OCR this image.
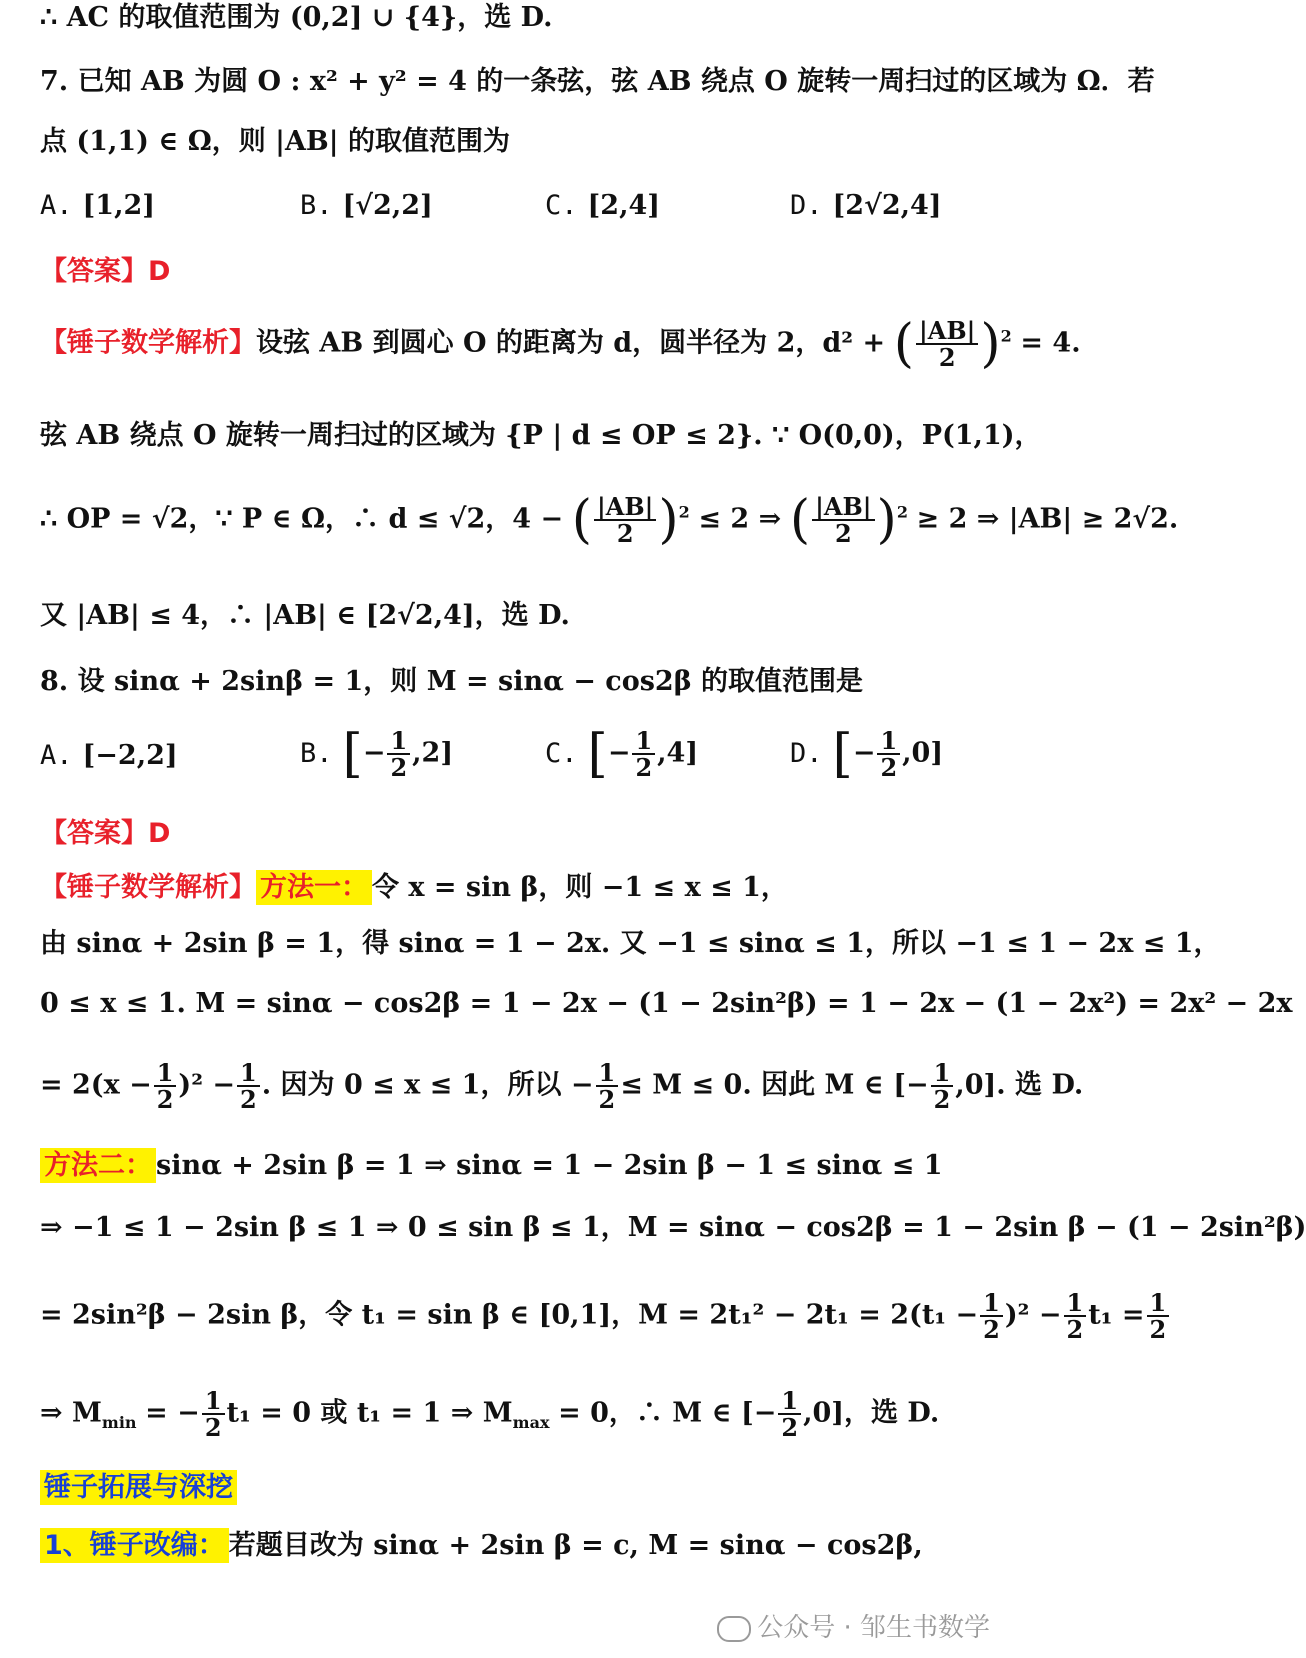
∴ AC 的取值范围为 (0,2] ∪ {4}，选 D.
7. 已知 AB 为圆 O : x² + y² = 4 的一条弦，弦 AB 绕点 O 旋转一周扫过的区域为 Ω．若
点 (1,1) ∈ Ω，则 |AB| 的取值范围为
A. [1,2]	B. [√2,2]	C. [2,4]	D. [2√2,4]
【答案】D
【锤子数学解析】设弦 AB 到圆心 O 的距离为 d，圆半径为 2，d² + ( $\frac{|AB|}{2} )^2 = 4$.
弦 AB 绕点 O 旋转一周扫过的区域为 {P | d ≤ OP ≤ 2}. ∵ O(0,0)，P(1,1)，
∴ OP = √2，∵ P ∈ Ω，∴ d ≤ √2，4 − ( $\frac{|AB|}{2} )^2 \le 2$ ⇒ ( $\frac{|AB|}{2} )^2 \ge 2$ ⇒ |AB| ≥ 2√2.
又 |AB| ≤ 4，∴ |AB| ∈ [2√2,4]，选 D.
8. 设 sinα + 2sinβ = 1，则 M = sinα − cos2β 的取值范围是
A. [−2,2]	B. [− $\frac{1}{2} ,2$]	C. [− $\frac{1}{2} ,4$]	D. [− $\frac{1}{2} ,0$]
【答案】D
【锤子数学解析】 方法一： 令 x = sin β，则 −1 ≤ x ≤ 1，
由 sinα + 2sin β = 1，得 sinα = 1 − 2x. 又 −1 ≤ sinα ≤ 1，所以 −1 ≤ 1 − 2x ≤ 1，
0 ≤ x ≤ 1. M = sinα − cos2β = 1 − 2x − (1 − 2sin²β) = 1 − 2x − (1 − 2x²) = 2x² − 2x
= $2(x - \frac{1}{2} )^2 - \frac{1}{2}$ . 因为 0 ≤ x ≤ 1，所以 − $\frac{1}{2} \le M \le 0$. 因此 M ∈ [− $\frac{1}{2} ,0$]. 选 D.
方法二： sinα + 2sin β = 1 ⇒ sinα = 1 − 2sin β − 1 ≤ sinα ≤ 1
⇒ −1 ≤ 1 − 2sin β ≤ 1 ⇒ 0 ≤ sin β ≤ 1，M = sinα − cos2β = 1 − 2sin β − (1 − 2sin²β)
= 2sin²β − 2sin β，令 t₁ = sin β ∈ [0,1]，$M = 2t_1^2 - 2t_1 = 2(t_1 - \frac{1}{2} )^2 - \frac{1}{2} t_1 = \frac{1}{2}$
⇒ $M_{min}$ = − $\frac{1}{2} t_1 = 0$ 或 t₁ = 1 ⇒ $M_{max} = 0$，∴ M ∈ [− $\frac{1}{2} ,0$]，选 D.
锤子拓展与深挖
1、锤子改编： 若题目改为 sinα + 2sin β = c, M = sinα − cos2β,
公众号 · 邹生书数学
